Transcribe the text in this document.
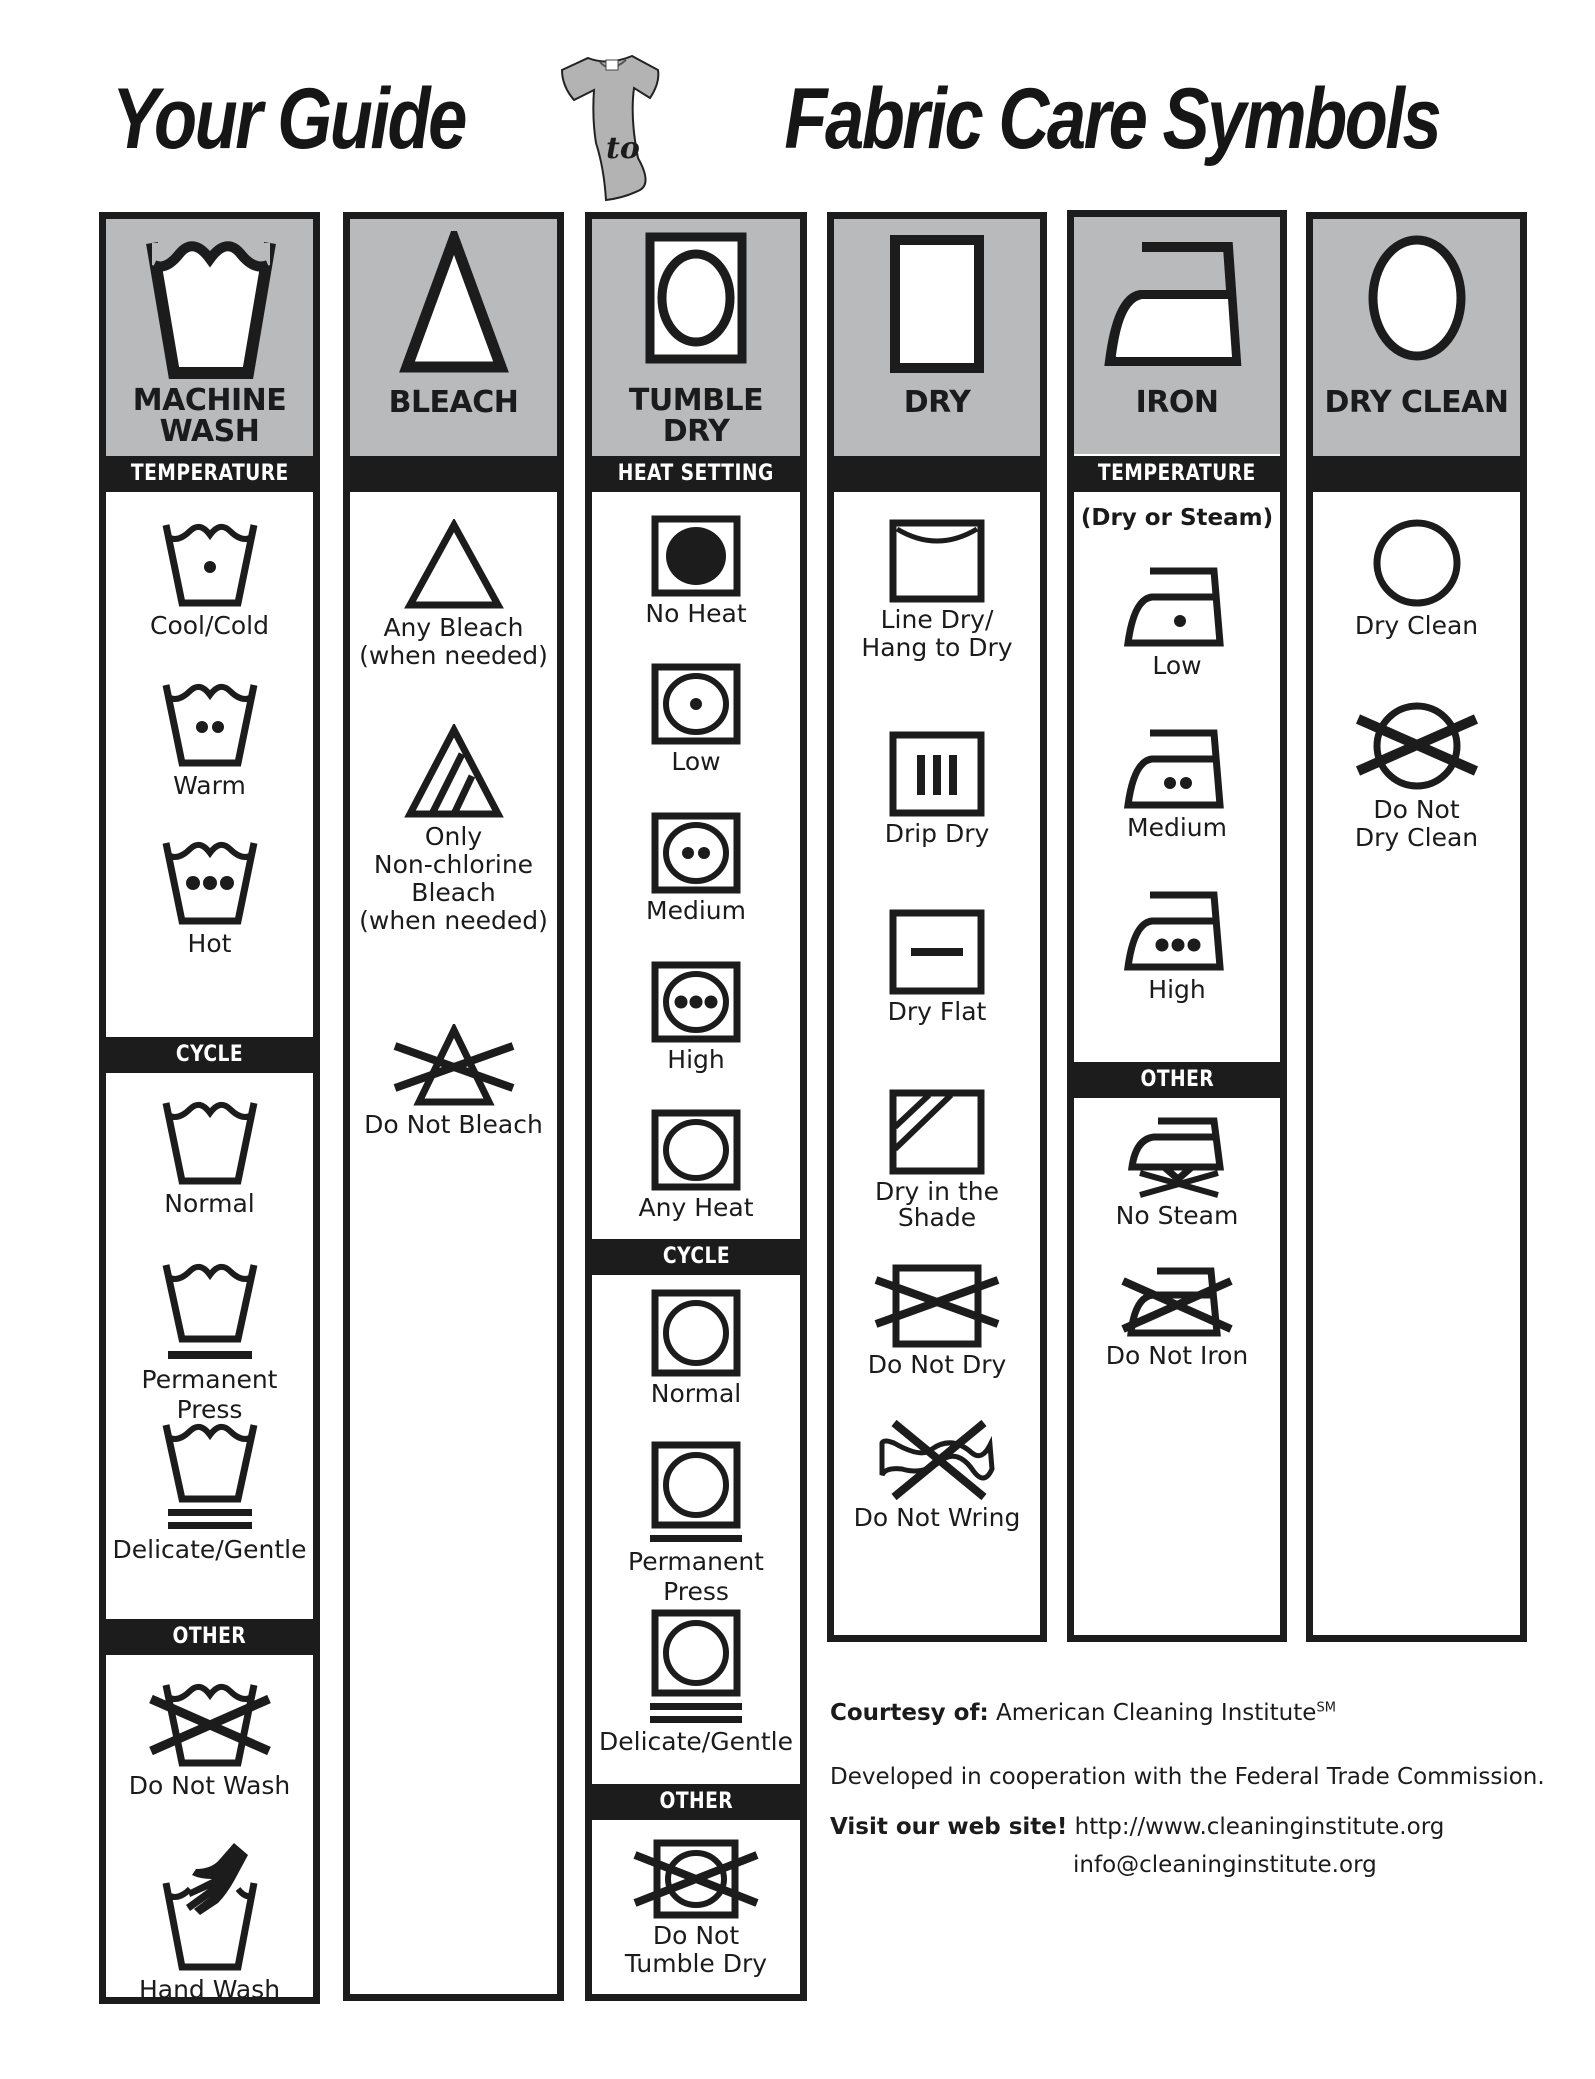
Your Guide	Fabric Care Symbols
to
MACHINE
WASH
TEMPERATURE
Cool/Cold
Warm
Hot
CYCLE
Normal
Permanent Press
Delicate/Gentle
OTHER
Do Not Wash
Hand Wash
BLEACH
Any Bleach
(when needed)
Only
Non-chlorine
Bleach
(when needed)
Do Not Bleach
TUMBLE
DRY
HEAT SETTING
No Heat
Low
Medium
High
Any Heat
CYCLE
Normal
Permanent Press
Delicate/Gentle
OTHER
Do Not
Tumble Dry
DRY
Line Dry/
Hang to Dry
Drip Dry
Dry Flat
Dry in the
Shade
Do Not Dry
Do Not Wring
IRON
TEMPERATURE
(Dry or Steam)
Low
Medium
High
OTHER
No Steam
Do Not Iron
DRY CLEAN
Dry Clean
Do Not
Dry Clean
Courtesy of: American Cleaning Institute℠
Developed in cooperation with the Federal Trade Commission.
Visit our web site! http://www.cleaninginstitute.org
info@cleaninginstitute.org
